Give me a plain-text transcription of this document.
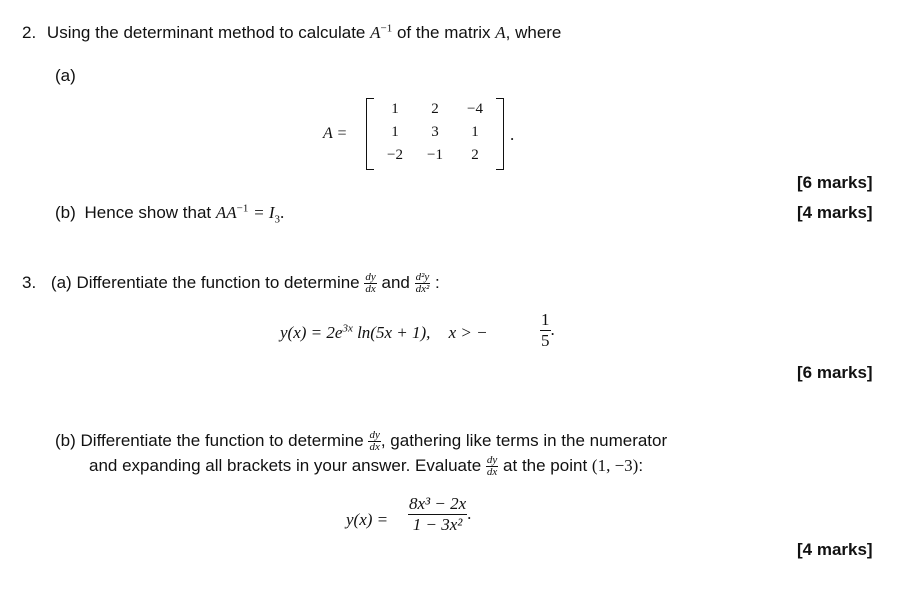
2. Using the determinant method to calculate $A^{-1}$ of the matrix A, where
(a)
A =
1	2	−4
1	3	1
−2	−1	2
.
[6 marks]
(b) Hence show that $AA^{-1} = I_3$.	[4 marks]
3. (a) Differentiate the function to determine $\frac{dy}{dx}$ and $\frac{\text{d²y}}{\text{dx²}}$ :
$y(x) = 2e^{3x}$ ln(5x + 1), x > −	$\frac{1}{5}$ .
[6 marks]
(b) Differentiate the function to determine $\frac{dy}{dx}$ , gathering like terms in the numerator
and expanding all brackets in your answer. Evaluate $\frac{dy}{dx}$ at the point (1, −3):
$y(x) = \frac{\text{8x³ − 2x}}{\text{1 − 3x²}}$ .
[4 marks]
